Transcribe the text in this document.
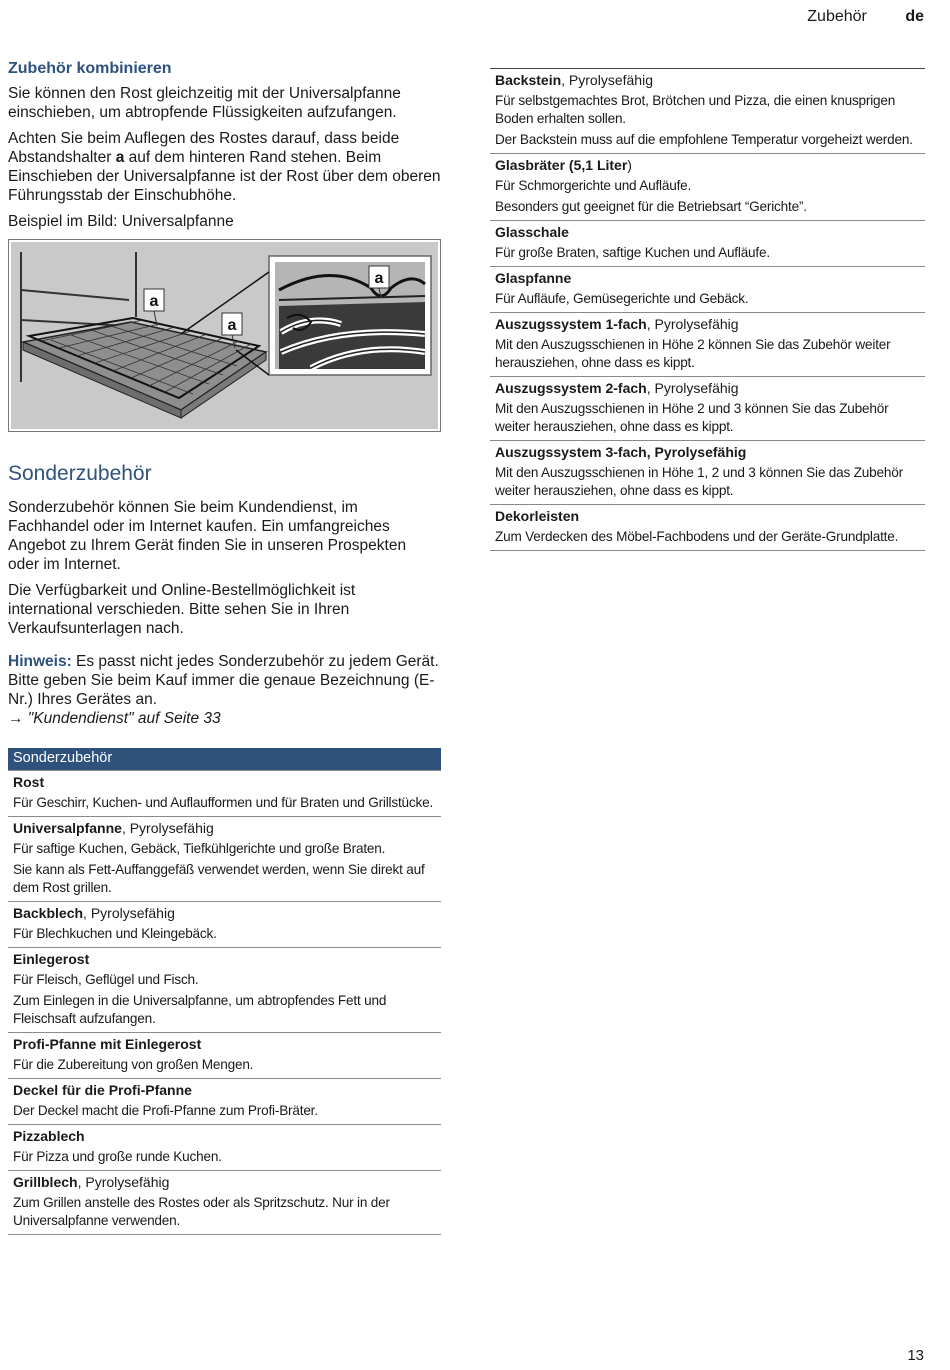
Zubehör de
Zubehör kombinieren

Sie können den Rost gleichzeitig mit der Universalpfanne einschieben, um abtropfende Flüssigkeiten aufzufangen.

Achten Sie beim Auflegen des Rostes darauf, dass beide Abstandshalter a auf dem hinteren Rand stehen. Beim Einschieben der Universalpfanne ist der Rost über dem oberen Führungsstab der Einschubhöhe.

Beispiel im Bild: Universalpfanne

a
a
a
Sonderzubehör

Sonderzubehör können Sie beim Kundendienst, im Fachhandel oder im Internet kaufen. Ein umfangreiches Angebot zu Ihrem Gerät finden Sie in unseren Prospekten oder im Internet.

Die Verfügbarkeit und Online-Bestellmöglichkeit ist international verschieden. Bitte sehen Sie in Ihren Verkaufsunterlagen nach.

Hinweis: Es passt nicht jedes Sonderzubehör zu jedem Gerät. Bitte geben Sie beim Kauf immer die genaue Bezeichnung (E-Nr.) Ihres Gerätes an.
→ "Kundendienst" auf Seite 33

Sonderzubehör

Rost
Für Geschirr, Kuchen- und Auflaufformen und für Braten und Grillstücke.

Universalpfanne, Pyrolysefähig
Für saftige Kuchen, Gebäck, Tiefkühlgerichte und große Braten.
Sie kann als Fett-Auffanggefäß verwendet werden, wenn Sie direkt auf dem Rost grillen.

Backblech, Pyrolysefähig
Für Blechkuchen und Kleingebäck.

Einlegerost
Für Fleisch, Geflügel und Fisch.
Zum Einlegen in die Universalpfanne, um abtropfendes Fett und Fleischsaft aufzufangen.

Profi-Pfanne mit Einlegerost
Für die Zubereitung von großen Mengen.

Deckel für die Profi-Pfanne
Der Deckel macht die Profi-Pfanne zum Profi-Bräter.

Pizzablech
Für Pizza und große runde Kuchen.

Grillblech, Pyrolysefähig
Zum Grillen anstelle des Rostes oder als Spritzschutz. Nur in der Universalpfanne verwenden.
Backstein, Pyrolysefähig
Für selbstgemachtes Brot, Brötchen und Pizza, die einen knusprigen Boden erhalten sollen.
Der Backstein muss auf die empfohlene Temperatur vorgeheizt werden.

Glasbräter (5,1 Liter)
Für Schmorgerichte und Aufläufe.
Besonders gut geeignet für die Betriebsart “Gerichte”.

Glasschale
Für große Braten, saftige Kuchen und Aufläufe.

Glaspfanne
Für Aufläufe, Gemüsegerichte und Gebäck.

Auszugssystem 1-fach, Pyrolysefähig
Mit den Auszugsschienen in Höhe 2 können Sie das Zubehör weiter herausziehen, ohne dass es kippt.

Auszugssystem 2-fach, Pyrolysefähig
Mit den Auszugsschienen in Höhe 2 und 3 können Sie das Zubehör weiter herausziehen, ohne dass es kippt.

Auszugssystem 3-fach, Pyrolysefähig
Mit den Auszugsschienen in Höhe 1, 2 und 3 können Sie das Zubehör weiter herausziehen, ohne dass es kippt.

Dekorleisten
Zum Verdecken des Möbel-Fachbodens und der Geräte-Grundplatte.
13
